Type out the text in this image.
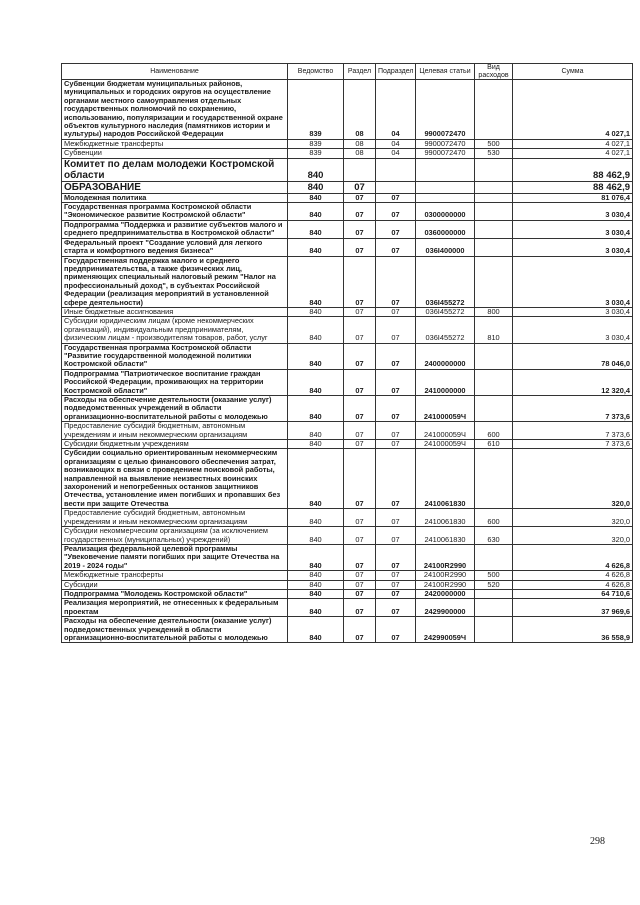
Наименование	Ведомство	Раздел	Подраздел	Целевая статьи	Вид расходов	Сумма
Субвенции бюджетам муниципальных районов, муниципальных и городских округов на осуществление органами местного самоуправления отдельных государственных полномочий по сохранению, использованию, популяризации и государственной охране объектов культурного наследия (памятников истории и культуры) народов Российской Федерации	839	08	04	9900072470		4 027,1
Межбюджетные трансферты	839	08	04	9900072470	500	4 027,1
Субвенции	839	08	04	9900072470	530	4 027,1
Комитет по делам молодежи Костромской области	840					88 462,9
ОБРАЗОВАНИЕ	840	07				88 462,9
Молодежная политика	840	07	07			81 076,4
Государственная программа Костромской области "Экономическое развитие Костромской области"	840	07	07	0300000000		3 030,4
Подпрограмма "Поддержка и развитие субъектов малого и среднего предпринимательства в Костромской области"	840	07	07	0360000000		3 030,4
Федеральный проект "Создание условий для легкого старта и комфортного ведения бизнеса"	840	07	07	036I400000		3 030,4
Государственная поддержка малого и среднего предпринимательства, а также физических лиц, применяющих специальный налоговый режим "Налог на профессиональный доход", в субъектах Российской Федерации (реализация мероприятий в установленной сфере деятельности)	840	07	07	036I455272		3 030,4
Иные бюджетные ассигнования	840	07	07	036I455272	800	3 030,4
Субсидии юридическим лицам (кроме некоммерческих организаций), индивидуальным предпринимателям, физическим лицам - производителям товаров, работ, услуг	840	07	07	036I455272	810	3 030,4
Государственная программа Костромской области "Развитие государственной молодежной политики Костромской области"	840	07	07	2400000000		78 046,0
Подпрограмма "Патриотическое воспитание граждан Российской Федерации, проживающих на территории Костромской области"	840	07	07	2410000000		12 320,4
Расходы на обеспечение деятельности (оказание услуг) подведомственных учреждений в области организационно-воспитательной работы с молодежью	840	07	07	241000059Ч		7 373,6
Предоставление субсидий бюджетным, автономным учреждениям и иным некоммерческим организациям	840	07	07	241000059Ч	600	7 373,6
Субсидии бюджетным учреждениям	840	07	07	241000059Ч	610	7 373,6
Субсидии социально ориентированным некоммерческим организациям с целью финансового обеспечения затрат, возникающих в связи с проведением поисковой работы, направленной на выявление неизвестных воинских захоронений и непогребенных останков защитников Отечества, установление имен погибших и пропавших без вести при защите Отечества	840	07	07	2410061830		320,0
Предоставление субсидий бюджетным, автономным учреждениям и иным некоммерческим организациям	840	07	07	2410061830	600	320,0
Субсидии некоммерческим организациям (за исключением государственных (муниципальных) учреждений)	840	07	07	2410061830	630	320,0
Реализация федеральной целевой программы "Увековечение памяти погибших при защите Отечества на 2019 - 2024 годы"	840	07	07	24100R2990		4 626,8
Межбюджетные трансферты	840	07	07	24100R2990	500	4 626,8
Субсидии	840	07	07	24100R2990	520	4 626,8
Подпрограмма "Молодежь Костромской области"	840	07	07	2420000000		64 710,6
Реализация мероприятий, не отнесенных к федеральным проектам	840	07	07	2429900000		37 969,6
Расходы на обеспечение деятельности (оказание услуг) подведомственных учреждений в области организационно-воспитательной работы с молодежью	840	07	07	242990059Ч		36 558,9
298
